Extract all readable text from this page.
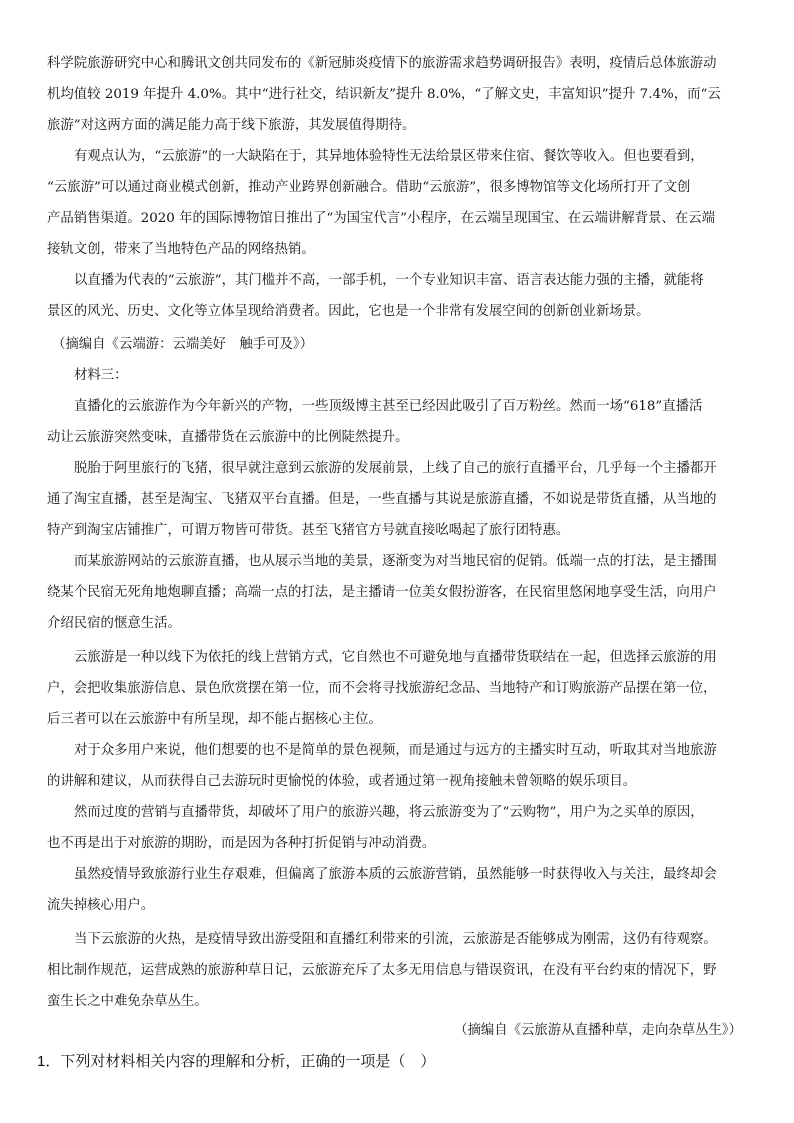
科学院旅游研究中心和腾讯文创共同发布的《新冠肺炎疫情下的旅游需求趋势调研报告》表明，疫情后总体旅游动
机均值较 2019 年提升 4.0%。其中“进行社交，结识新友”提升 8.0%，“了解文史，丰富知识”提升 7.4%，而“云
旅游”对这两方面的满足能力高于线下旅游，其发展值得期待。
有观点认为，“云旅游”的一大缺陷在于，其异地体验特性无法给景区带来住宿、餐饮等收入。但也要看到，
“云旅游”可以通过商业模式创新，推动产业跨界创新融合。借助“云旅游”，很多博物馆等文化场所打开了文创
产品销售渠道。2020 年的国际博物馆日推出了“为国宝代言”小程序，在云端呈现国宝、在云端讲解背景、在云端
接轨文创，带来了当地特色产品的网络热销。
以直播为代表的“云旅游”，其门槛并不高，一部手机，一个专业知识丰富、语言表达能力强的主播，就能将
景区的风光、历史、文化等立体呈现给消费者。因此，它也是一个非常有发展空间的创新创业新场景。
（摘编自《云端游：云端美好　触手可及》）
材料三：
直播化的云旅游作为今年新兴的产物，一些顶级博主甚至已经因此吸引了百万粉丝。然而一场“618”直播活
动让云旅游突然变味，直播带货在云旅游中的比例陡然提升。
脱胎于阿里旅行的飞猪，很早就注意到云旅游的发展前景，上线了自己的旅行直播平台，几乎每一个主播都开
通了淘宝直播，甚至是淘宝、飞猪双平台直播。但是，一些直播与其说是旅游直播，不如说是带货直播，从当地的
特产到淘宝店铺推广，可谓万物皆可带货。甚至飞猪官方号就直接吆喝起了旅行团特惠。
而某旅游网站的云旅游直播，也从展示当地的美景，逐渐变为对当地民宿的促销。低端一点的打法，是主播围
绕某个民宿无死角地炮聊直播；高端一点的打法，是主播请一位美女假扮游客，在民宿里悠闲地享受生活，向用户
介绍民宿的惬意生活。
云旅游是一种以线下为依托的线上营销方式，它自然也不可避免地与直播带货联结在一起，但选择云旅游的用
户，会把收集旅游信息、景色欣赏摆在第一位，而不会将寻找旅游纪念品、当地特产和订购旅游产品摆在第一位，
后三者可以在云旅游中有所呈现，却不能占据核心主位。
对于众多用户来说，他们想要的也不是简单的景色视频，而是通过与远方的主播实时互动，听取其对当地旅游
的讲解和建议，从而获得自己去游玩时更愉悦的体验，或者通过第一视角接触未曾领略的娱乐项目。
然而过度的营销与直播带货，却破坏了用户的旅游兴趣，将云旅游变为了“云购物”，用户为之买单的原因，
也不再是出于对旅游的期盼，而是因为各种打折促销与冲动消费。
虽然疫情导致旅游行业生存艰难，但偏离了旅游本质的云旅游营销，虽然能够一时获得收入与关注，最终却会
流失掉核心用户。
当下云旅游的火热，是疫情导致出游受阻和直播红利带来的引流，云旅游是否能够成为刚需，这仍有待观察。
相比制作规范，运营成熟的旅游种草日记，云旅游充斥了太多无用信息与错误资讯，在没有平台约束的情况下，野
蛮生长之中难免杂草丛生。
（摘编自《云旅游从直播种草，走向杂草丛生》）
1．下列对材料相关内容的理解和分析，正确的一项是（　）
